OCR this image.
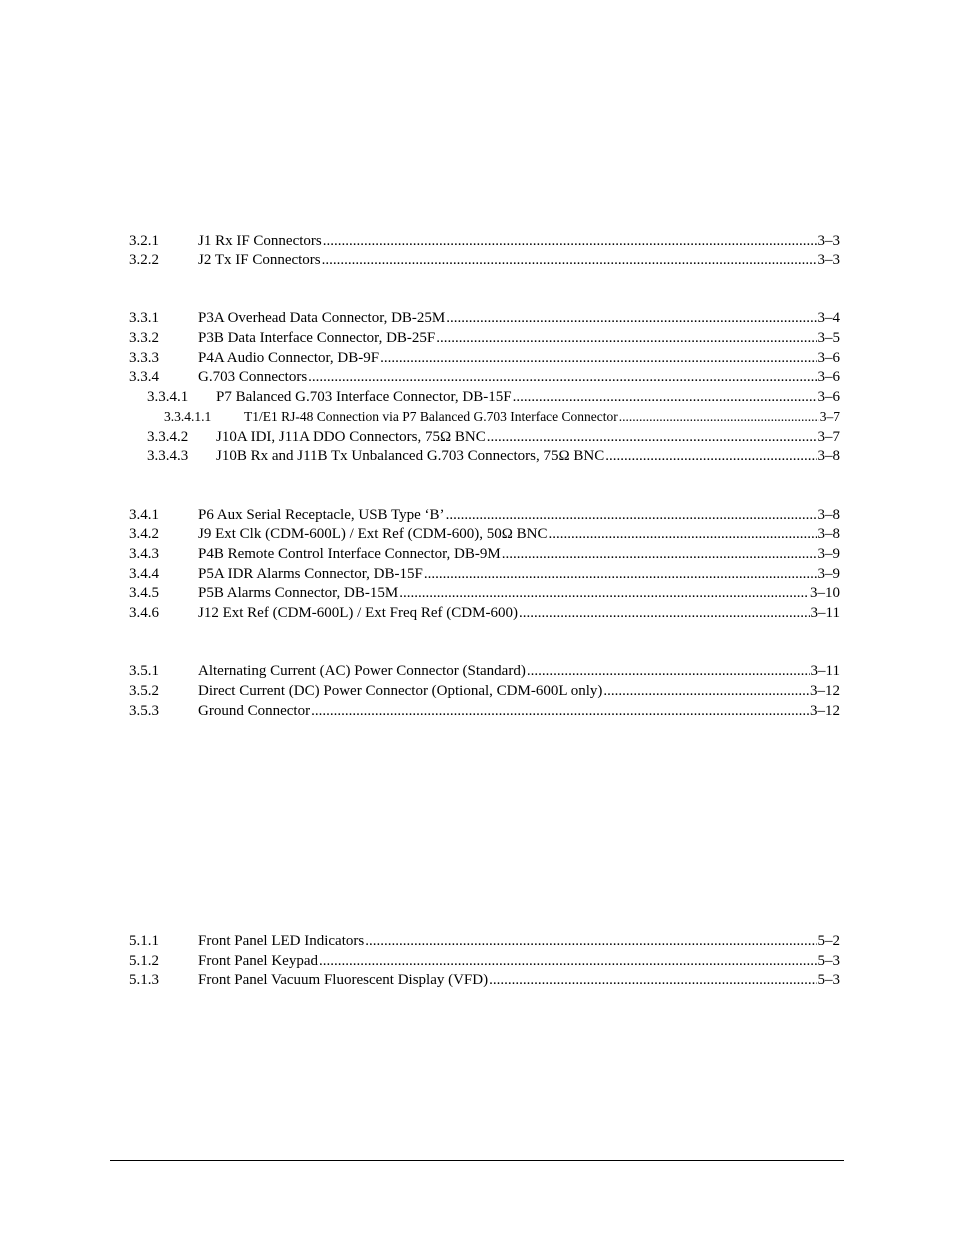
3.2.1	J1 Rx IF Connectors .....	3–3
3.2.2	J2 Tx IF Connectors .....	3–3
3.3.1	P3A Overhead Data Connector, DB-25M .....	3–4
3.3.2	P3B Data Interface Connector, DB-25F .....	3–5
3.3.3	P4A Audio Connector, DB-9F .....	3–6
3.3.4	G.703 Connectors .....	3–6
3.3.4.1 P7 Balanced G.703 Interface Connector, DB-15F .....	3–6
3.3.4.1.1 T1/E1 RJ-48 Connection via P7 Balanced G.703 Interface Connector .....	3–7
3.3.4.2 J10A IDI, J11A DDO Connectors, 75Ω BNC .....	3–7
3.3.4.3 J10B Rx and J11B Tx Unbalanced G.703 Connectors, 75Ω BNC .....	3–8
3.4.1	P6 Aux Serial Receptacle, USB Type ‘B’ .....	3–8
3.4.2	J9 Ext Clk (CDM-600L) / Ext Ref (CDM-600), 50Ω BNC .....	3–8
3.4.3	P4B Remote Control Interface Connector, DB-9M .....	3–9
3.4.4	P5A IDR Alarms Connector, DB-15F .....	3–9
3.4.5	P5B Alarms Connector, DB-15M .....	3–10
3.4.6	J12 Ext Ref (CDM-600L) / Ext Freq Ref (CDM-600) .....	3–11
3.5.1	Alternating Current (AC) Power Connector (Standard) .....	3–11
3.5.2	Direct Current (DC) Power Connector (Optional, CDM-600L only) .....	3–12
3.5.3	Ground Connector .....	3–12
5.1.1	Front Panel LED Indicators .....	5–2
5.1.2	Front Panel Keypad .....	5–3
5.1.3	Front Panel Vacuum Fluorescent Display (VFD) .....	5–3
